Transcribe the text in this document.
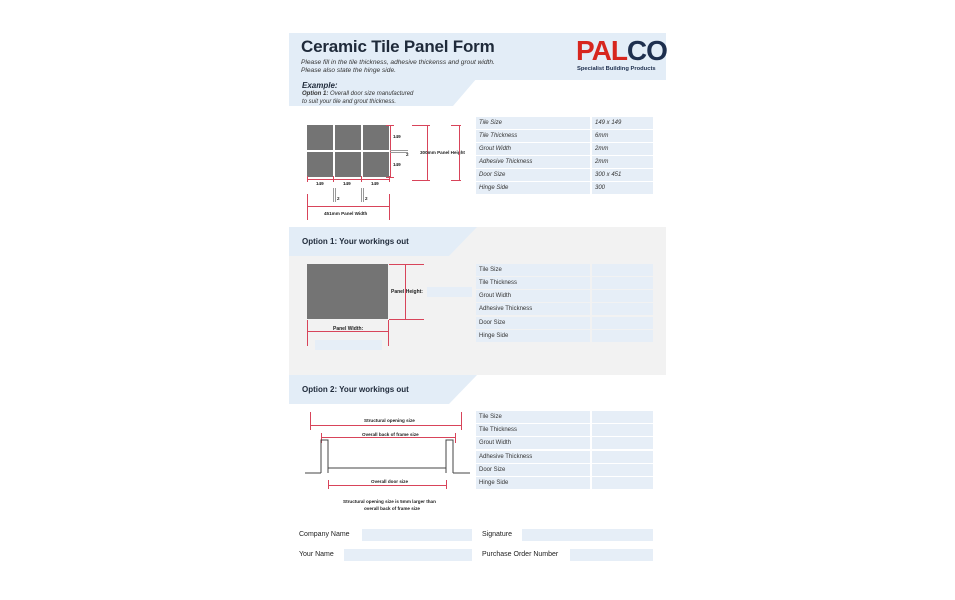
Ceramic Tile Panel Form
Please fill in the tile thickness, adhesive thickenss and grout width.
Please also state the hinge side.
PALCO
Specialist Building Products
Example:
Option 1: Overall door size manufactured
to suit your tile and grout thickness.
149
149
2 300mm Panel Height
149	149	149
2	2
451mm Panel Width
Tile Size	149 x 149
Tile Thickness	6mm
Grout Width	2mm
Adhesive Thickness	2mm
Door Size	300 x 451
Hinge Side	300
Option 1: Your workings out
Panel Height:
Panel Width:
Tile Size
Tile Thickness
Grout Width
Adhesive Thickness
Door Size
Hinge Side
Option 2: Your workings out
Structural opening size
Overall back of frame size
Overall door size
Structural opening size is 5mm larger than
overall back of frame size
Tile Size
Tile Thickness
Grout Width
Adhesive Thickness
Door Size
Hinge Side
Company Name	Signature
Your Name	Purchase Order Number
